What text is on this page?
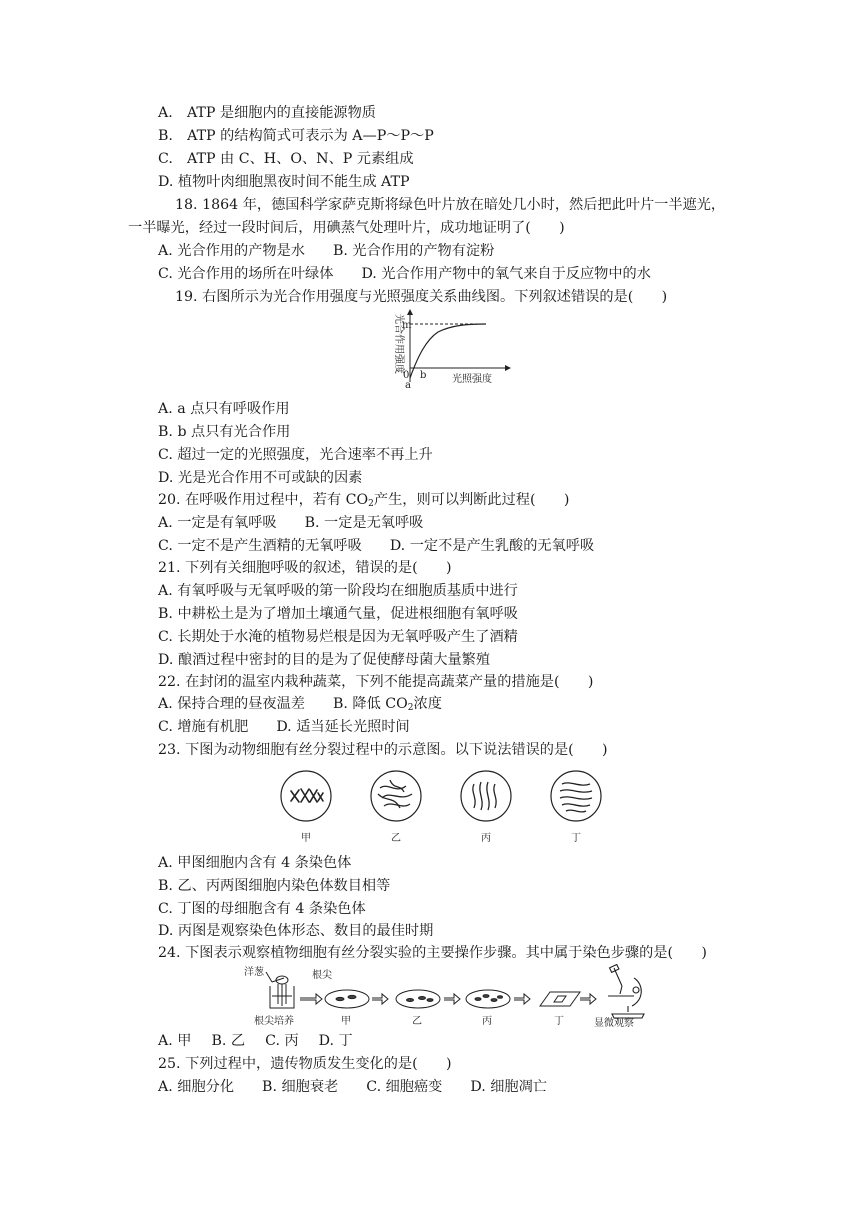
A.　ATP 是细胞内的直接能源物质
B.　ATP 的结构简式可表示为 A—P～P～P
C.　ATP 由 C、H、O、N、P 元素组成
D. 植物叶肉细胞黑夜时间不能生成 ATP
18. 1864 年，德国科学家萨克斯将绿色叶片放在暗处几小时，然后把此叶片一半遮光，
一半曝光，经过一段时间后，用碘蒸气处理叶片，成功地证明了(　　)
A. 光合作用的产物是水 B. 光合作用的产物有淀粉
C. 光合作用的场所在叶绿体 D. 光合作用产物中的氧气来自于反应物中的水
19. 右图所示为光合作用强度与光照强度关系曲线图。下列叙述错误的是(　　)
光合作用强度
m
0
a
b	光照强度
A. a 点只有呼吸作用
B. b 点只有光合作用
C. 超过一定的光照强度，光合速率不再上升
D. 光是光合作用不可或缺的因素
20. 在呼吸作用过程中，若有 $CO_2$产生，则可以判断此过程(　　)
A. 一定是有氧呼吸 B. 一定是无氧呼吸
C. 一定不是产生酒精的无氧呼吸 D. 一定不是产生乳酸的无氧呼吸
21. 下列有关细胞呼吸的叙述，错误的是(　　)
A. 有氧呼吸与无氧呼吸的第一阶段均在细胞质基质中进行
B. 中耕松土是为了增加土壤通气量，促进根细胞有氧呼吸
C. 长期处于水淹的植物易烂根是因为无氧呼吸产生了酒精
D. 酿酒过程中密封的目的是为了促使酵母菌大量繁殖
22. 在封闭的温室内栽种蔬菜，下列不能提高蔬菜产量的措施是(　　)
A. 保持合理的昼夜温差 B. 降低 $CO_2$浓度
C. 增施有机肥 D. 适当延长光照时间
23. 下图为动物细胞有丝分裂过程中的示意图。以下说法错误的是(　　)
甲	乙	丙	丁
A. 甲图细胞内含有 4 条染色体
B. 乙、丙两图细胞内染色体数目相等
C. 丁图的母细胞含有 4 条染色体
D. 丙图是观察染色体形态、数目的最佳时期
24. 下图表示观察植物细胞有丝分裂实验的主要操作步骤。其中属于染色步骤的是(　　)
洋葱
根尖培养
根尖
甲	乙	丙	丁	显微观察
A. 甲 B. 乙 C. 丙 D. 丁
25. 下列过程中，遗传物质发生变化的是(　　)
A. 细胞分化 B. 细胞衰老 C. 细胞癌变 D. 细胞凋亡
